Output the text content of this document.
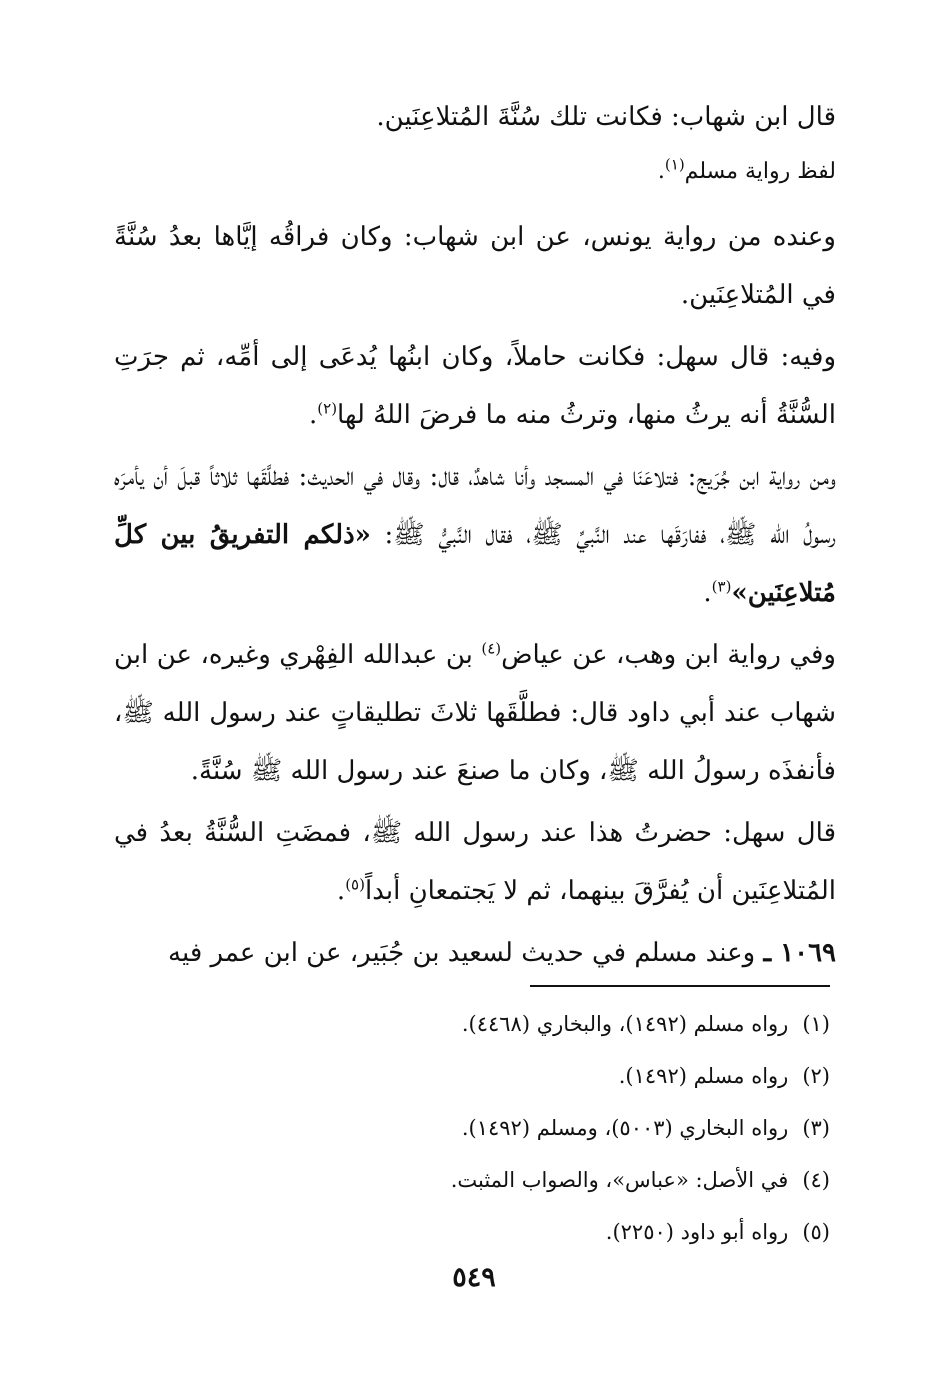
قال ابن شهاب: فكانت تلك سُنَّةَ المُتلاعِنَين.

لفظ رواية مسلم$^{(١)}$.

وعنده من رواية يونس، عن ابن شهاب: وكان فراقُه إيَّاها بعدُ سُنَّةً في المُتلاعِنَين.

وفيه: قال سهل: فكانت حاملاً، وكان ابنُها يُدعَى إلى أمِّه، ثم جرَتِ السُّنَّةُ أنه يرثُ منها، وترثُ منه ما فرضَ اللهُ لها$^{(٢)}$.

ومن رواية ابن جُرَيج: فتلاعَنَا في المسجد وأنا شاهدٌ، قال: وقال في الحديث: فطلَّقَها ثلاثاً قبلَ أن يأمرَه رسولُ الله ﷺ، ففارَقَها عند النَّبيِّ ﷺ، فقال النَّبيُّ ﷺ: «ذلكم التفريقُ بين كلِّ مُتلاعِنَين»$^{(٣)}$.

وفي رواية ابن وهب، عن عياض$^{(٤)}$ بن عبدالله الفِهْري وغيره، عن ابن شهاب عند أبي داود قال: فطلَّقَها ثلاثَ تطليقاتٍ عند رسول الله ﷺ، فأنفذَه رسولُ الله ﷺ، وكان ما صنعَ عند رسول الله ﷺ سُنَّةً.

قال سهل: حضرتُ هذا عند رسول الله ﷺ، فمضَتِ السُّنَّةُ بعدُ في المُتلاعِنَين أن يُفرَّقَ بينهما، ثم لا يَجتمعانِ أبداً$^{(٥)}$.

١٠٦٩ ـ وعند مسلم في حديث لسعيد بن جُبَير، عن ابن عمر فيه

(١)رواه مسلم (١٤٩٢)، والبخاري (٤٤٦٨).
(٢)رواه مسلم (١٤٩٢).
(٣)رواه البخاري (٥٠٠٣)، ومسلم (١٤٩٢).
(٤)في الأصل: «عباس»، والصواب المثبت.
(٥)رواه أبو داود (٢٢٥٠).
٥٤٩
